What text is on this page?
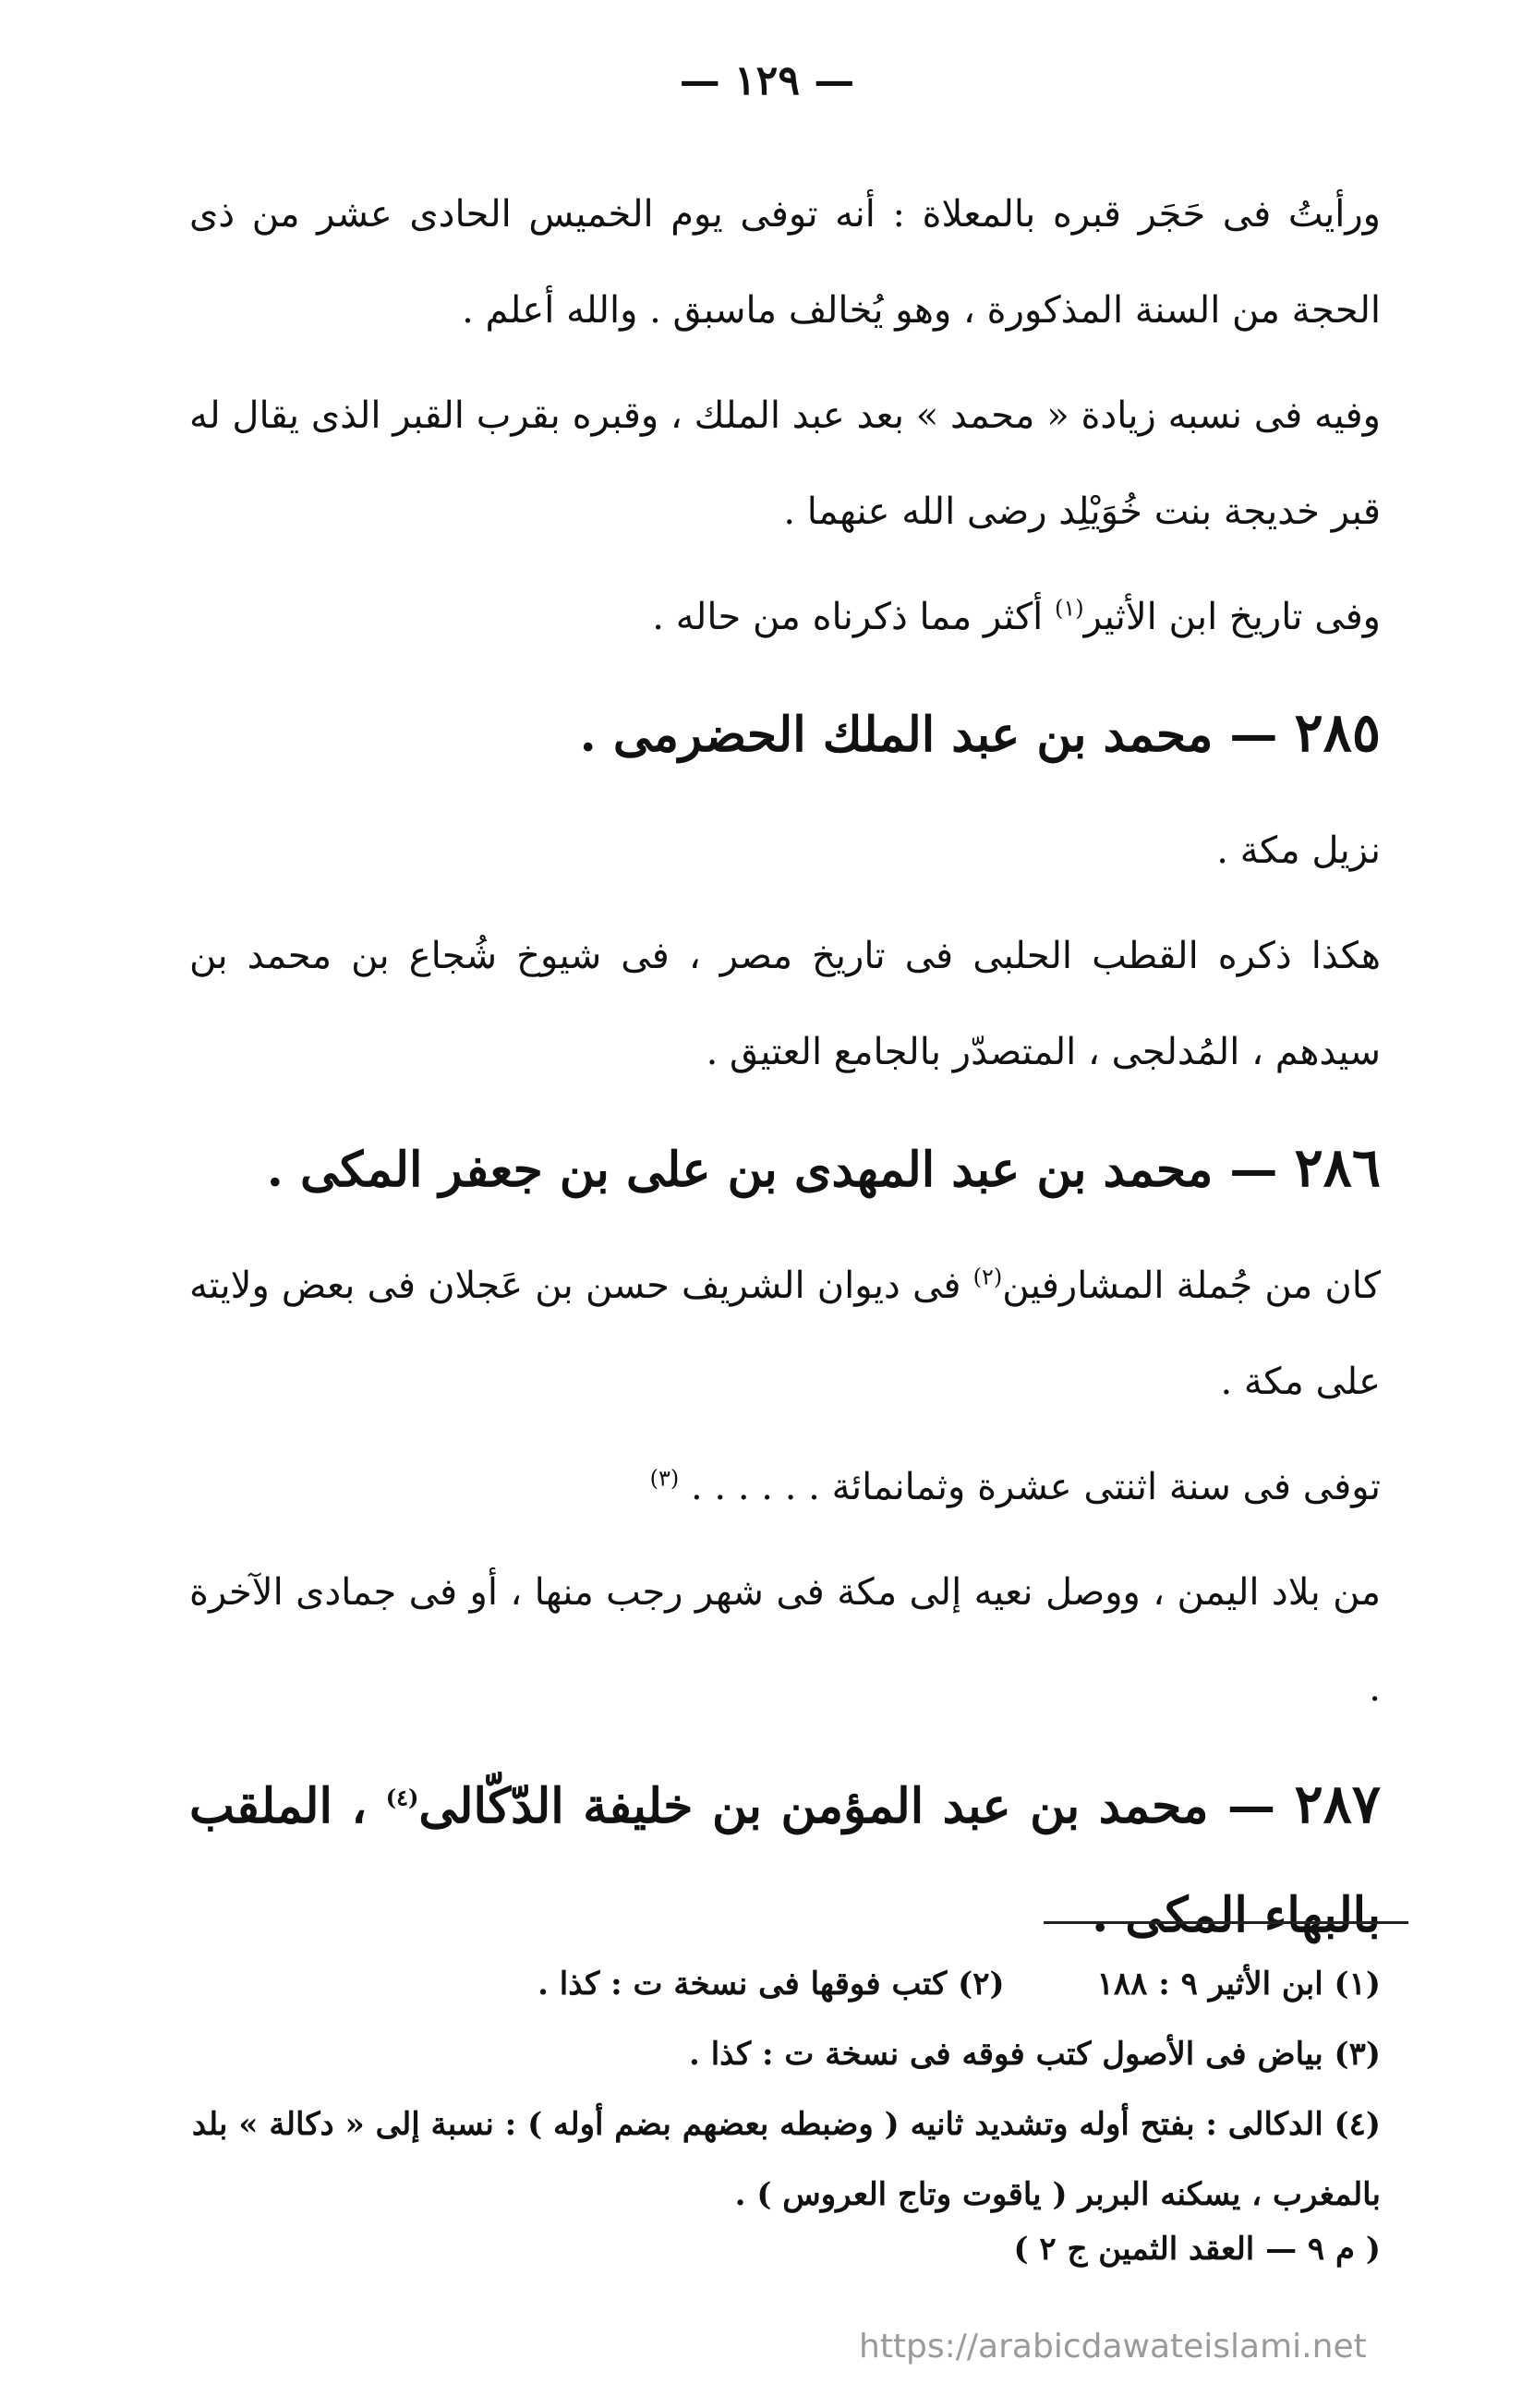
— ١٢٩ —

ورأيتُ فى حَجَر قبره بالمعلاة : أنه توفى يوم الخميس الحادى عشر من ذى الحجة من السنة المذكورة ، وهو يُخالف ماسبق . والله أعلم .

وفيه فى نسبه زيادة « محمد » بعد عبد الملك ، وقبره بقرب القبر الذى يقال له قبر خديجة بنت خُوَيْلِد رضى الله عنهما .

وفى تاريخ ابن الأثير$^{(١)}$ أكثر مما ذكرناه من حاله .

٢٨٥ — محمد بن عبد الملك الحضرمى .

نزيل مكة .

هكذا ذكره القطب الحلبى فى تاريخ مصر ، فى شيوخ شُجاع بن محمد بن سيدهم ، المُدلجى ، المتصدّر بالجامع العتيق .

٢٨٦ — محمد بن عبد المهدى بن على بن جعفر المكى .

كان من جُملة المشارفين$^{(٢)}$ فى ديوان الشريف حسن بن عَجلان فى بعض ولايته على مكة .

توفى فى سنة اثنتى عشرة وثمانمائة . . . . . . $^{(٣)}$

من بلاد اليمن ، ووصل نعيه إلى مكة فى شهر رجب منها ، أو فى جمادى الآخرة .

٢٨٧ — محمد بن عبد المؤمن بن خليفة الدّكّالى$^{(٤)}$ ، الملقب بالبهاء المكى .
(١) ابن الأثير ٩ : ١٨٨
(٢) كتب فوقها فى نسخة ت : كذا .
(٣) بياض فى الأصول كتب فوقه فى نسخة ت : كذا .
(٤) الدكالى : بفتح أوله وتشديد ثانيه ( وضبطه بعضهم بضم أوله ) : نسبة إلى « دكالة » بلد بالمغرب ، يسكنه البربر ( ياقوت وتاج العروس ) .
( م ٩ — العقد الثمين ج ٢ )
https://arabicdawateislami.net
